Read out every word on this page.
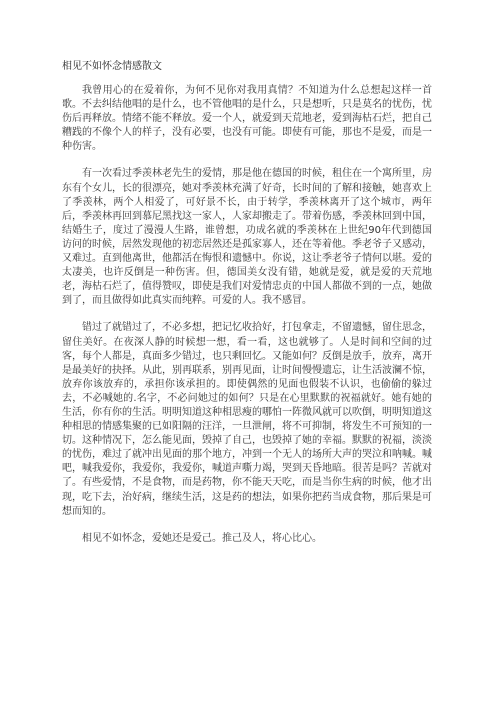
相见不如怀念情感散文

我曾用心的在爱着你，为何不见你对我用真情？不知道为什么总想起这样一首歌。不去纠结他唱的是什么，也不管他唱的是什么，只是想听，只是莫名的忧伤，忧伤后再释放。情绪不能不释放。爱一个人，就爱到天荒地老，爱到海枯石烂，把自己糟践的不像个人的样子，没有必要，也没有可能。即使有可能，那也不是爱，而是一种伤害。

有一次看过季羡林老先生的爱情，那是他在德国的时候，租住在一个寓所里，房东有个女儿，长的很漂亮，她对季羡林充满了好奇，长时间的了解和接触，她喜欢上了季羡林，两个人相爱了，可好景不长，由于转学，季羡林离开了这个城市，两年后，季羡林再回到慕尼黑找这一家人，人家却搬走了。带着伤感，季羡林回到中国，结婚生子，度过了漫漫人生路，谁曾想，功成名就的季羡林在上世纪90年代到德国访问的时候，居然发现他的初恋居然还是孤家寡人，还在等着他。季老爷子又感动，又难过。直到他离世，他都活在悔恨和遗憾中。你说，这让季老爷子情何以堪。爱的太凄美，也许反倒是一种伤害。但，德国美女没有错，她就是爱，就是爱的天荒地老，海枯石烂了，值得赞叹，即使是我们对爱情忠贞的中国人都做不到的一点，她做到了，而且做得如此真实而纯粹。可爱的人。我不感冒。

错过了就错过了，不必多想，把记忆收拾好，打包拿走，不留遗憾，留住思念，留住美好。在夜深人静的时候想一想，看一看，这也就够了。人是时间和空间的过客，每个人都是，真面多少错过，也只剩回忆。又能如何？反倒是放手，放弃，离开是最美好的抉择。从此，别再联系，别再见面，让时间慢慢遗忘，让生活波澜不惊，放弃你该放弃的，承担你该承担的。即使偶然的见面也假装不认识，也偷偷的躲过去，不必喊她的.名字，不必问她过的如何？只是在心里默默的祝福就好。她有她的生活，你有你的生活。明明知道这种相思瘦的哪怕一阵微风就可以吹倒，明明知道这种相思的情感集聚的已如阳隔的汪洋，一旦泄闸，将不可抑制，将发生不可预知的一切。这种情况下，怎么能见面，毁掉了自己，也毁掉了她的幸福。默默的祝福，淡淡的忧伤，难过了就冲出见面的那个地方，冲到一个无人的场所大声的哭泣和呐喊。喊吧，喊我爱你，我爱你，我爱你，喊道声嘶力竭，哭到天昏地暗。很苦是吗？苦就对了。有些爱情，不是食物，而是药物，你不能天天吃，而是当你生病的时候，他才出现，吃下去，治好病，继续生活，这是药的想法，如果你把药当成食物，那后果是可想而知的。

相见不如怀念，爱她还是爱己。推己及人，将心比心。
